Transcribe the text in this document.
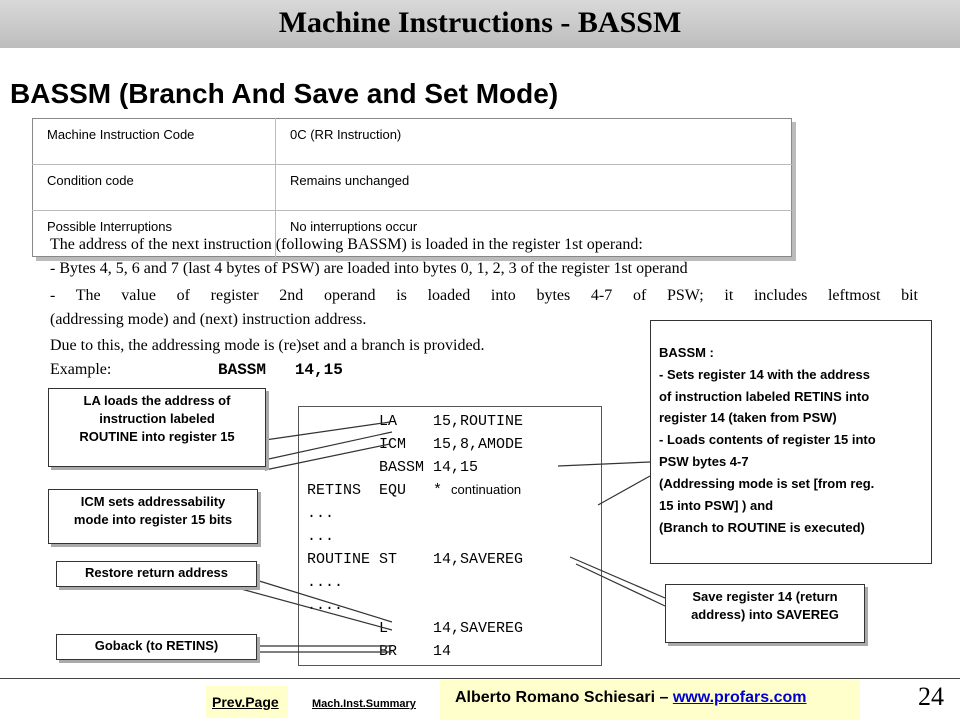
Machine Instructions - BASSM
BASSM (Branch And Save and Set Mode)
Machine Instruction Code	0C (RR Instruction)
Condition code	Remains unchanged
Possible Interruptions	No interruptions occur
The address of the next instruction (following BASSM) is loaded in the register 1st operand:
- Bytes 4, 5, 6 and 7 (last 4 bytes of PSW) are loaded into bytes 0, 1, 2, 3 of the register 1st operand
- The value of register 2nd operand is loaded into bytes 4-7 of PSW; it includes leftmost bit
(addressing mode) and (next) instruction address.
Due to this, the addressing mode is (re)set and a branch is provided.
Example:	BASSM   14,15
LA    15,ROUTINE
ICM   15,8,AMODE
BASSM 14,15
RETINS  EQU   * continuation
...
...
ROUTINE ST    14,SAVEREG
....
....
L     14,SAVEREG
BR    14
LA loads the address of
instruction labeled
ROUTINE into register 15
ICM sets addressability
mode into register 15 bits
Restore return address
Goback (to RETINS)
Save register 14 (return
address) into SAVEREG
BASSM :
- Sets register 14 with the address
of instruction labeled RETINS into
register 14 (taken from PSW)
- Loads contents of register 15 into
PSW bytes 4-7
(Addressing mode is set [from reg.
15 into PSW] ) and
(Branch to ROUTINE is executed)
Prev.Page	Mach.Inst.Summary Alberto Romano Schiesari – www.profars.com	24
